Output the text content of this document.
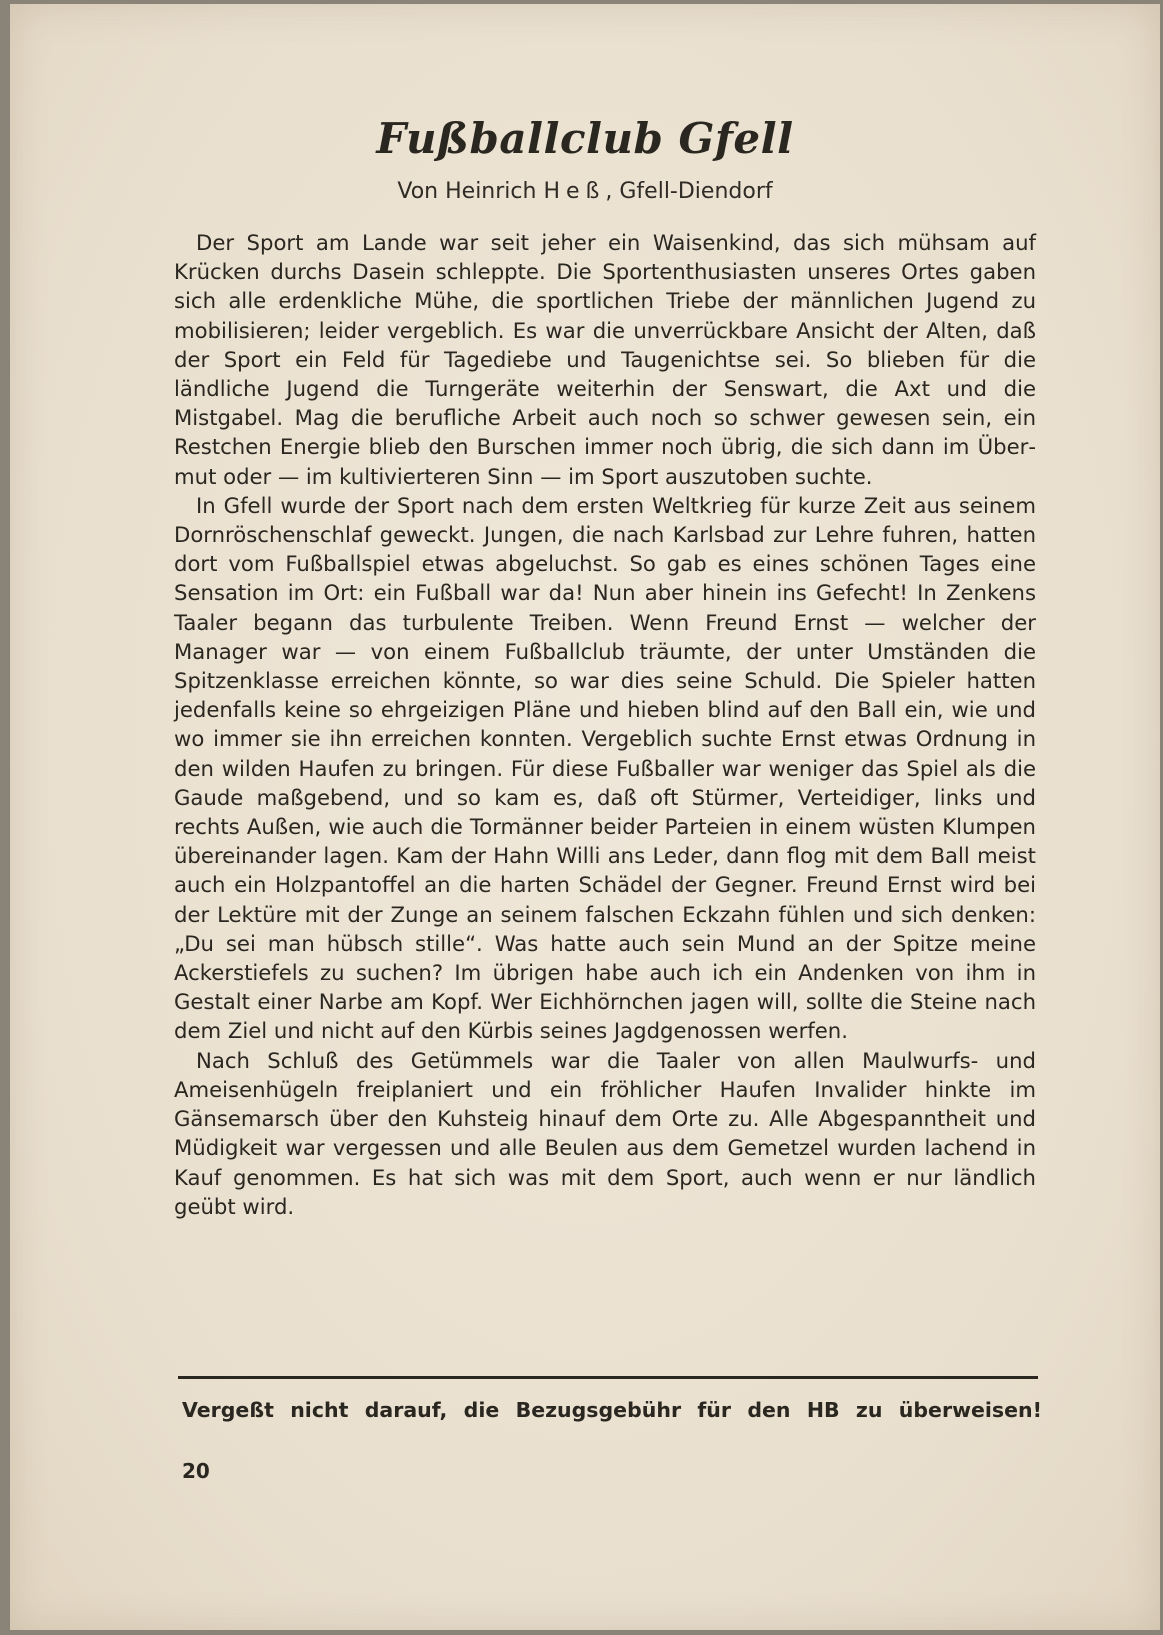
Fußballclub Gfell
Von Heinrich Heß, Gfell-Diendorf

Der Sport am Lande war seit jeher ein Waisenkind, das sich mühsam auf Krücken durchs Dasein schleppte. Die Sportenthusiasten unseres Ortes gaben sich alle erdenkliche Mühe, die sportlichen Triebe der männlichen Jugend zu mobilisieren; leider vergeblich. Es war die unverrückbare Ansicht der Alten, daß der Sport ein Feld für Tagediebe und Taugenichtse sei. So blieben für die ländliche Jugend die Turngeräte weiterhin der Senswart, die Axt und die Mistgabel. Mag die berufliche Arbeit auch noch so schwer gewesen sein, ein Restchen Energie blieb den Burschen immer noch übrig, die sich dann im Übermut oder — im kultivierteren Sinn — im Sport auszutoben suchte.

In Gfell wurde der Sport nach dem ersten Weltkrieg für kurze Zeit aus seinem Dornröschenschlaf geweckt. Jungen, die nach Karlsbad zur Lehre fuhren, hatten dort vom Fußballspiel etwas abgeluchst. So gab es eines schönen Tages eine Sensation im Ort: ein Fußball war da! Nun aber hinein ins Gefecht! In Zenkens Taaler begann das turbulente Treiben. Wenn Freund Ernst — welcher der Manager war — von einem Fußballclub träumte, der unter Umständen die Spitzenklasse erreichen könnte, so war dies seine Schuld. Die Spieler hatten jedenfalls keine so ehrgeizigen Pläne und hieben blind auf den Ball ein, wie und wo immer sie ihn erreichen konnten. Vergeblich suchte Ernst etwas Ordnung in den wilden Haufen zu bringen. Für diese Fußballer war weniger das Spiel als die Gaude maßgebend, und so kam es, daß oft Stürmer, Verteidiger, links und rechts Außen, wie auch die Tormänner beider Parteien in einem wüsten Klumpen übereinander lagen. Kam der Hahn Willi ans Leder, dann flog mit dem Ball meist auch ein Holzpantoffel an die harten Schädel der Gegner. Freund Ernst wird bei der Lektüre mit der Zunge an seinem falschen Eckzahn fühlen und sich denken: „Du sei man hübsch stille“. Was hatte auch sein Mund an der Spitze meine Ackerstiefels zu suchen? Im übrigen habe auch ich ein Andenken von ihm in Gestalt einer Narbe am Kopf. Wer Eichhörnchen jagen will, sollte die Steine nach dem Ziel und nicht auf den Kürbis seines Jagdgenossen werfen.

Nach Schluß des Getümmels war die Taaler von allen Maulwurfs- und Ameisenhügeln freiplaniert und ein fröhlicher Haufen Invalider hinkte im Gänsemarsch über den Kuhsteig hinauf dem Orte zu. Alle Abgespanntheit und Müdigkeit war vergessen und alle Beulen aus dem Gemetzel wurden lachend in Kauf genommen. Es hat sich was mit dem Sport, auch wenn er nur ländlich geübt wird.

Vergeßt nicht darauf, die Bezugsgebühr für den HB zu überweisen!
20
